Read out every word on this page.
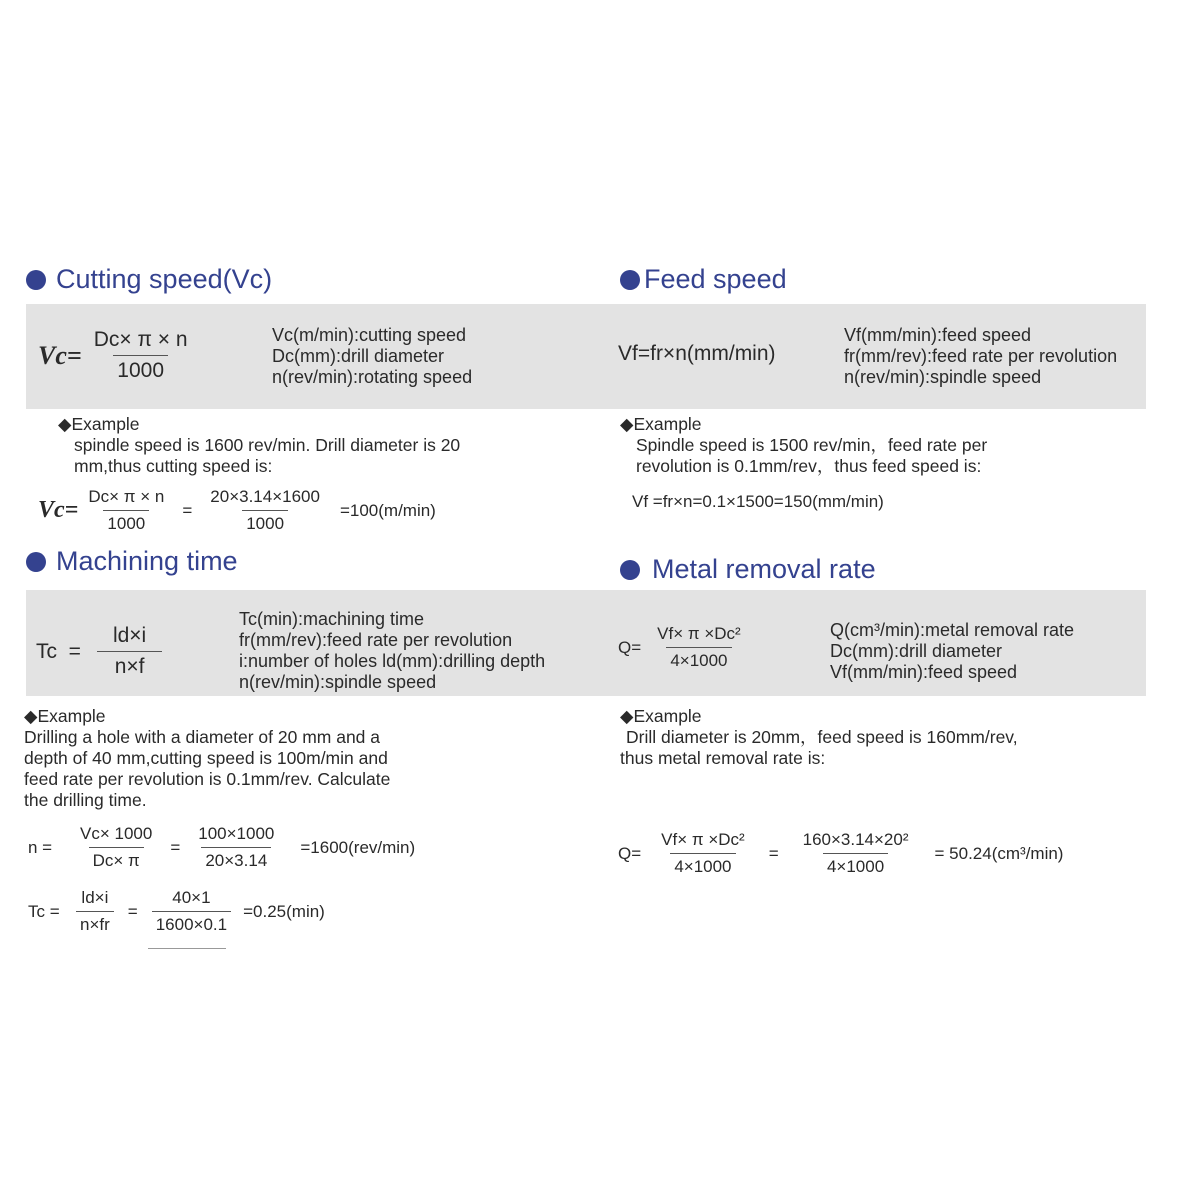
Cutting speed(Vc)
$Vc= \frac{Dc\times \pi \times n}{1000}$	Vc(m/min):cutting speed
Dc(mm):drill diameter
n(rev/min):rotating speed
◆Example
spindle speed is 1600 rev/min. Drill diameter is 20
mm,thus cutting speed is:
$Vc= \frac{Dc\times \pi \times n}{1000} = \frac{20\times 3.14\times 1600}{1000} =100(m/\min)$
Feed speed
Vf=fr×n(mm/min)
Vf(mm/min):feed speed
fr(mm/rev):feed rate per revolution
n(rev/min):spindle speed
◆Example
Spindle speed is 1500 rev/min，feed rate per
revolution is 0.1mm/rev，thus feed speed is:
Vf =fr×n=0.1×1500=150(mm/min)
Machining time
$Tc = \frac{ld\times i}{n\times f}$
Tc(min):machining time
fr(mm/rev):feed rate per revolution
i:number of holes ld(mm):drilling depth
n(rev/min):spindle speed
◆Example
Drilling a hole with a diameter of 20 mm and a
depth of 40 mm,cutting speed is 100m/min and
feed rate per revolution is 0.1mm/rev. Calculate
the drilling time.
n =	$\frac{Vc\times 1000}{Dc\times \pi} = \frac{100\times 1000}{20\times 3.14} =1600(rev/\min)$
$Tc = \frac{ld\times i}{n\times fr} = \frac{40\times 1}{1600\times 0.1} =0.25(\min)$
Metal removal rate
$Q= \frac{\text{Vf× π ×Dc²}}{4\times 1000}$	Q(cm³/min):metal removal rate
Dc(mm):drill diameter
Vf(mm/min):feed speed
◆Example
Drill diameter is 20mm，feed speed is 160mm/rev,
thus metal removal rate is:
$Q= \frac{\text{Vf× π ×Dc²}}{4\times 1000} = \frac{\text{160×3.14×20²}}{4\times 1000} = 50.24(cm^3/\min)$
